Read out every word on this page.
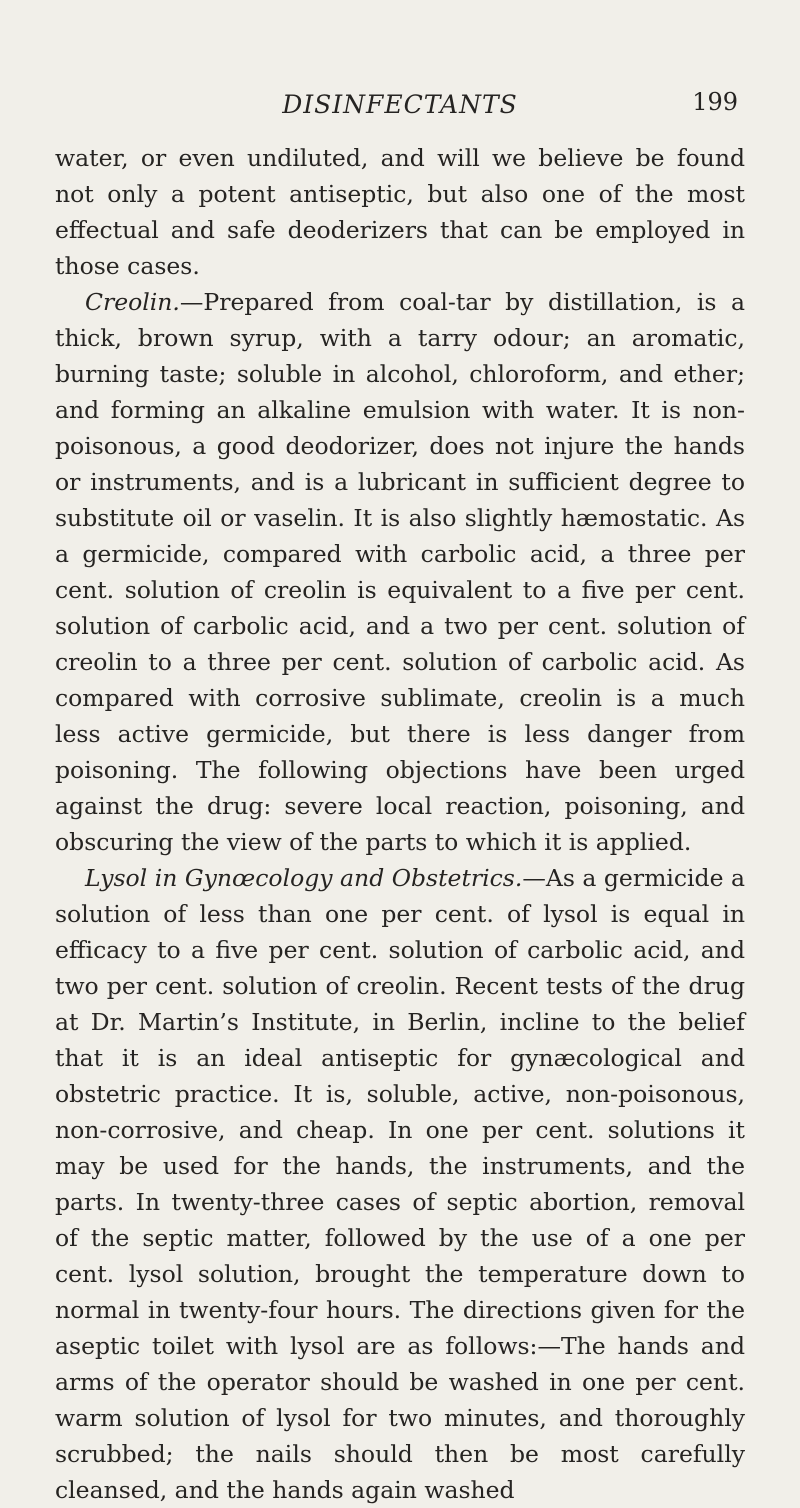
DISINFECTANTS	199

water, or even undiluted, and will we believe be found not only a potent antiseptic, but also one of the most effectual and safe deoderizers that can be employed in those cases.

Creolin.—Prepared from coal-tar by distillation, is a thick, brown syrup, with a tarry odour; an aromatic, burning taste; soluble in alcohol, chloroform, and ether; and forming an alkaline emulsion with water. It is non-poisonous, a good deodorizer, does not injure the hands or instruments, and is a lubricant in sufficient degree to substitute oil or vaselin. It is also slightly hæmostatic. As a germicide, compared with carbolic acid, a three per cent. solution of creolin is equivalent to a five per cent. solution of carbolic acid, and a two per cent. solution of creolin to a three per cent. solution of carbolic acid. As compared with corrosive sublimate, creolin is a much less active germicide, but there is less danger from poisoning. The following objections have been urged against the drug: severe local reaction, poisoning, and obscuring the view of the parts to which it is applied.

Lysol in Gynœcology and Obstetrics.—As a germicide a solution of less than one per cent. of lysol is equal in efficacy to a five per cent. solution of carbolic acid, and two per cent. solution of creolin. Recent tests of the drug at Dr. Martin’s Institute, in Berlin, incline to the belief that it is an ideal antiseptic for gynæcological and obstetric practice. It is, soluble, active, non-poisonous, non-corrosive, and cheap. In one per cent. solutions it may be used for the hands, the instruments, and the parts. In twenty-three cases of septic abortion, removal of the septic matter, followed by the use of a one per cent. lysol solution, brought the temperature down to normal in twenty-four hours. The directions given for the aseptic toilet with lysol are as follows:—The hands and arms of the operator should be washed in one per cent. warm solution of lysol for two minutes, and thoroughly scrubbed; the nails should then be most carefully cleansed, and the hands again washed
